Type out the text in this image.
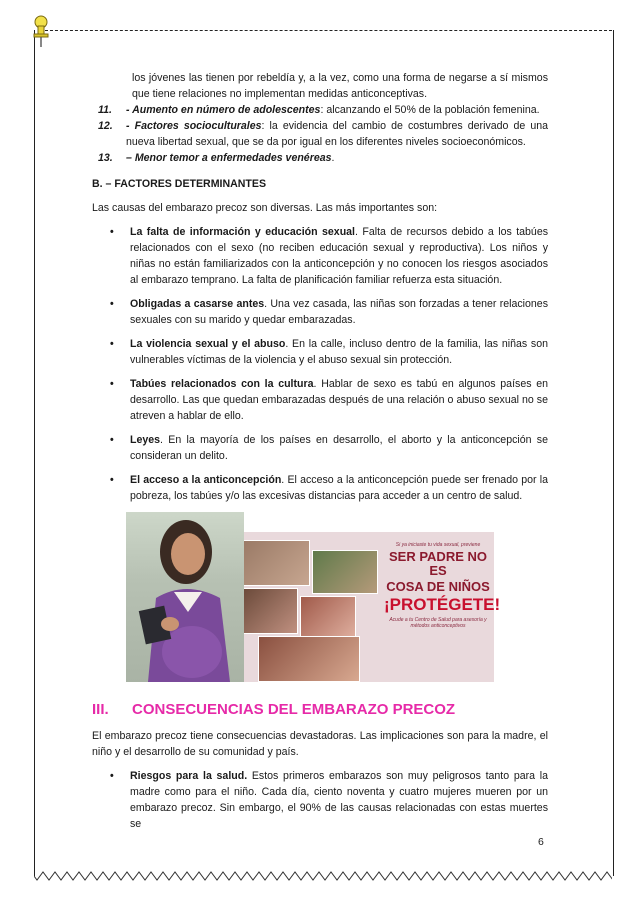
los jóvenes las tienen por rebeldía y, a la vez, como una forma de negarse a sí mismos que tiene relaciones no implementan medidas anticonceptivas.

11.	- Aumento en número de adolescentes: alcanzando el 50% de la población femenina.
12.	- Factores socioculturales: la evidencia del cambio de costumbres derivado de una nueva libertad sexual, que se da por igual en los diferentes niveles socioeconómicos.
13.	– Menor temor a enfermedades venéreas.

B. – FACTORES DETERMINANTES

Las causas del embarazo precoz son diversas. Las más importantes son:

•	La falta de información y educación sexual. Falta de recursos debido a los tabúes relacionados con el sexo (no reciben educación sexual y reproductiva). Los niños y niñas no están familiarizados con la anticoncepción y no conocen los riesgos asociados al embarazo temprano. La falta de planificación familiar refuerza esta situación.
•	Obligadas a casarse antes. Una vez casada, las niñas son forzadas a tener relaciones sexuales con su marido y quedar embarazadas.
•	La violencia sexual y el abuso. En la calle, incluso dentro de la familia, las niñas son vulnerables víctimas de la violencia y el abuso sexual sin protección.
•	Tabúes relacionados con la cultura. Hablar de sexo es tabú en algunos países en desarrollo. Las que quedan embarazadas después de una relación o abuso sexual no se atreven a hablar de ello.
•	Leyes. En la mayoría de los países en desarrollo, el aborto y la anticoncepción se consideran un delito.
•	El acceso a la anticoncepción. El acceso a la anticoncepción puede ser frenado por la pobreza, los tabúes y/o las excesivas distancias para acceder a un centro de salud.
Si ya iniciaste tu vida sexual, previene
SER PADRE NO ES
COSA DE NIÑOS
¡PROTÉGETE!
Acude a tu Centro de Salud para asesoría y métodos anticonceptivos
III.	CONSECUENCIAS DEL EMBARAZO PRECOZ

El embarazo precoz tiene consecuencias devastadoras. Las implicaciones son para la madre, el niño y el desarrollo de su comunidad y país.

•	Riesgos para la salud. Estos primeros embarazos son muy peligrosos tanto para la madre como para el niño. Cada día, ciento noventa y cuatro mujeres mueren por un embarazo precoz. Sin embargo, el 90% de las causas relacionadas con estas muertes se
6
